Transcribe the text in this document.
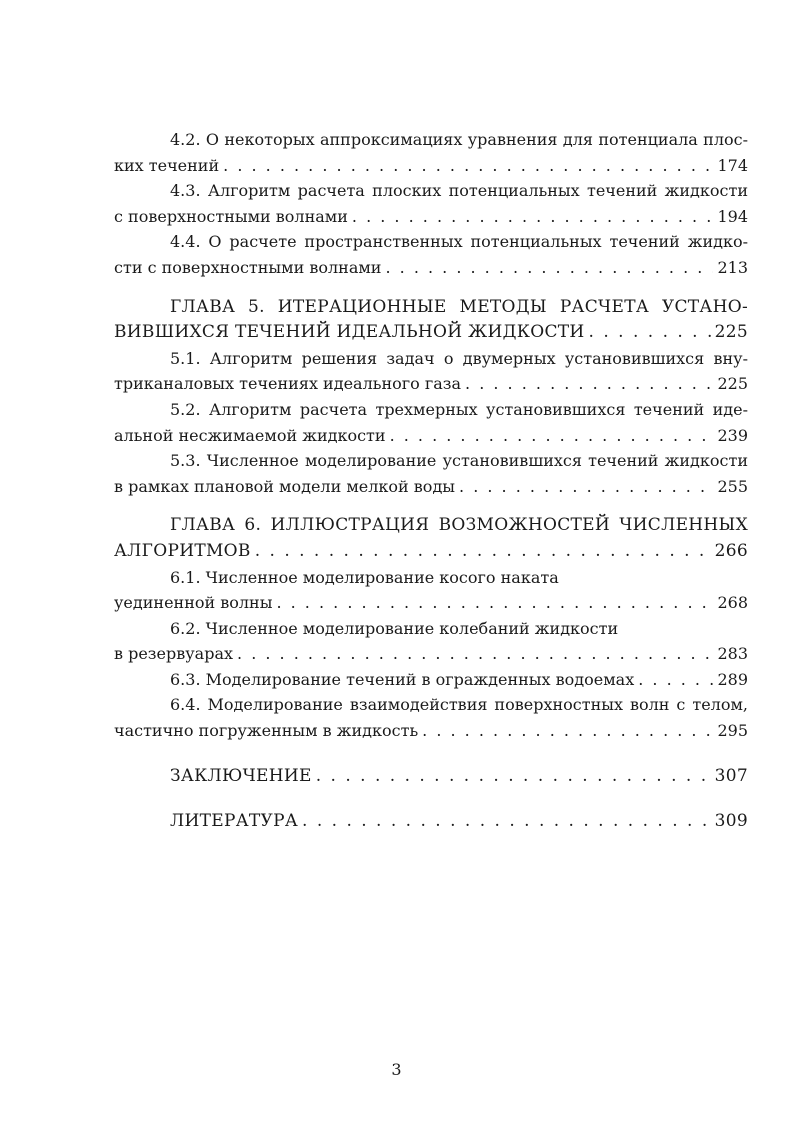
4.2. О некоторых аппроксимациях уравнения для потенциала плос-
ких течений . . .	174
4.3. Алгоритм расчета плоских потенциальных течений жидкости
с поверхностными волнами . . .	194
4.4. О расчете пространственных потенциальных течений жидко-
сти с поверхностными волнами . . .	213
ГЛАВА 5. ИТЕРАЦИОННЫЕ МЕТОДЫ РАСЧЕТА УСТАНО-
ВИВШИХСЯ ТЕЧЕНИЙ ИДЕАЛЬНОЙ ЖИДКОСТИ . . .	225
5.1. Алгоритм решения задач о двумерных установившихся вну-
триканаловых течениях идеального газа . . .	225
5.2. Алгоритм расчета трехмерных установившихся течений иде-
альной несжимаемой жидкости . . .	239
5.3. Численное моделирование установившихся течений жидкости
в рамках плановой модели мелкой воды . . .	255
ГЛАВА 6. ИЛЛЮСТРАЦИЯ ВОЗМОЖНОСТЕЙ ЧИСЛЕННЫХ
АЛГОРИТМОВ . . .	266
6.1. Численное моделирование косого наката
уединенной волны . . .	268
6.2. Численное моделирование колебаний жидкости
в резервуарах . . .	283
6.3. Моделирование течений в огражденных водоемах . . .	289
6.4. Моделирование взаимодействия поверхностных волн с телом,
частично погруженным в жидкость . . .	295
ЗАКЛЮЧЕНИЕ . . .	307
ЛИТЕРАТУРА . . .	309
3
